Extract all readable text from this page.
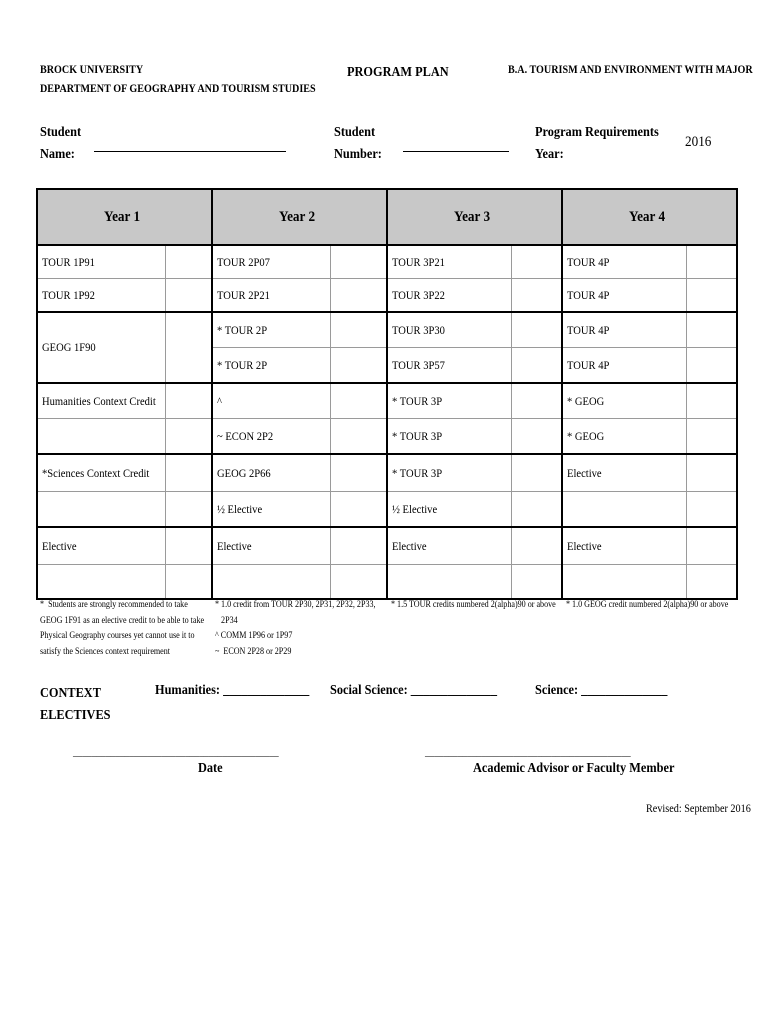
BROCK UNIVERSITY
DEPARTMENT OF GEOGRAPHY AND TOURISM STUDIES
PROGRAM PLAN	B.A. TOURISM AND ENVIRONMENT WITH MAJOR
Student
Name:
Student
Number:
Program Requirements
Year:
2016
Year 1		Year 2		Year 3		Year 4	
TOUR 1P91		TOUR 2P07		TOUR 3P21		TOUR 4P	
TOUR 1P92		TOUR 2P21		TOUR 3P22		TOUR 4P	
GEOG 1F90		* TOUR 2P		TOUR 3P30		TOUR 4P	
		* TOUR 2P		TOUR 3P57		TOUR 4P	
Humanities Context Credit		^		* TOUR 3P		* GEOG	
		~ ECON 2P2		* TOUR 3P		* GEOG	
*Sciences Context Credit		GEOG 2P66		* TOUR 3P		Elective	
		½ Elective		½ Elective			
Elective		Elective		Elective		Elective	

*  Students are strongly recommended to take
GEOG 1F91 as an elective credit to be able to take
Physical Geography courses yet cannot use it to
satisfy the Sciences context requirement
* 1.0 credit from TOUR 2P30, 2P31, 2P32, 2P33,
2P34
^ COMM 1P96 or 1P97
~  ECON 2P28 or 2P29
* 1.5 TOUR credits numbered 2(alpha)90 or above * 1.0 GEOG credit numbered 2(alpha)90 or above
CONTEXT
ELECTIVES
Humanities: ______________ Social Science: ______________	Science: ______________
____________________________________________
Date
____________________________________________
Academic Advisor or Faculty Member
Revised: September 2016
